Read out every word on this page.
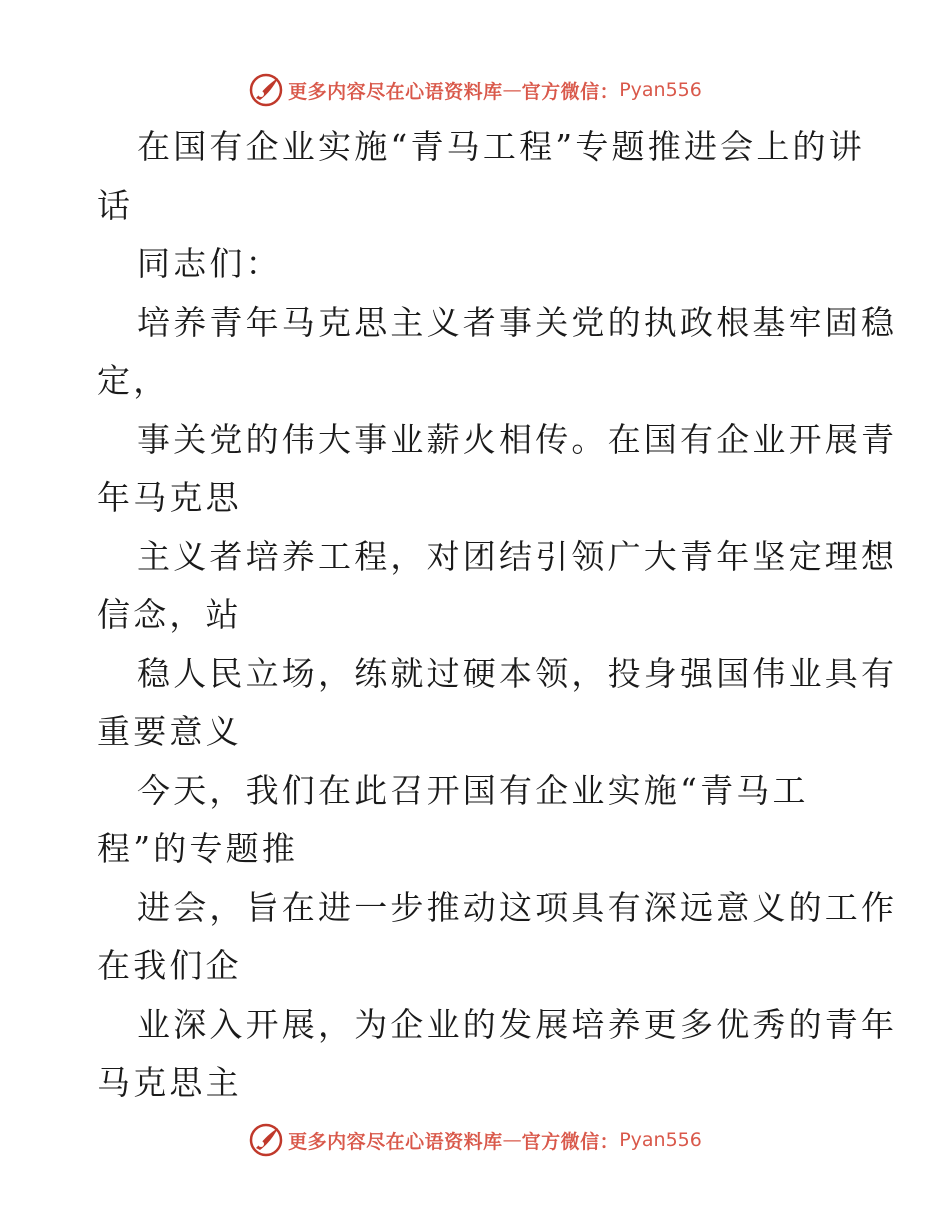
更多内容尽在心语资料库 — 官方微信： Pyan556
在国有企业实施“青马工程”专题推进会上的讲
话
同志们：
培养青年马克思主义者事关党的执政根基牢固稳
定，
事关党的伟大事业薪火相传。在国有企业开展青
年马克思
主义者培养工程，对团结引领广大青年坚定理想
信念，站
稳人民立场，练就过硬本领，投身强国伟业具有
重要意义
今天，我们在此召开国有企业实施“青马工
程”的专题推
进会，旨在进一步推动这项具有深远意义的工作
在我们企
业深入开展，为企业的发展培养更多优秀的青年
马克思主
更多内容尽在心语资料库 — 官方微信： Pyan556
